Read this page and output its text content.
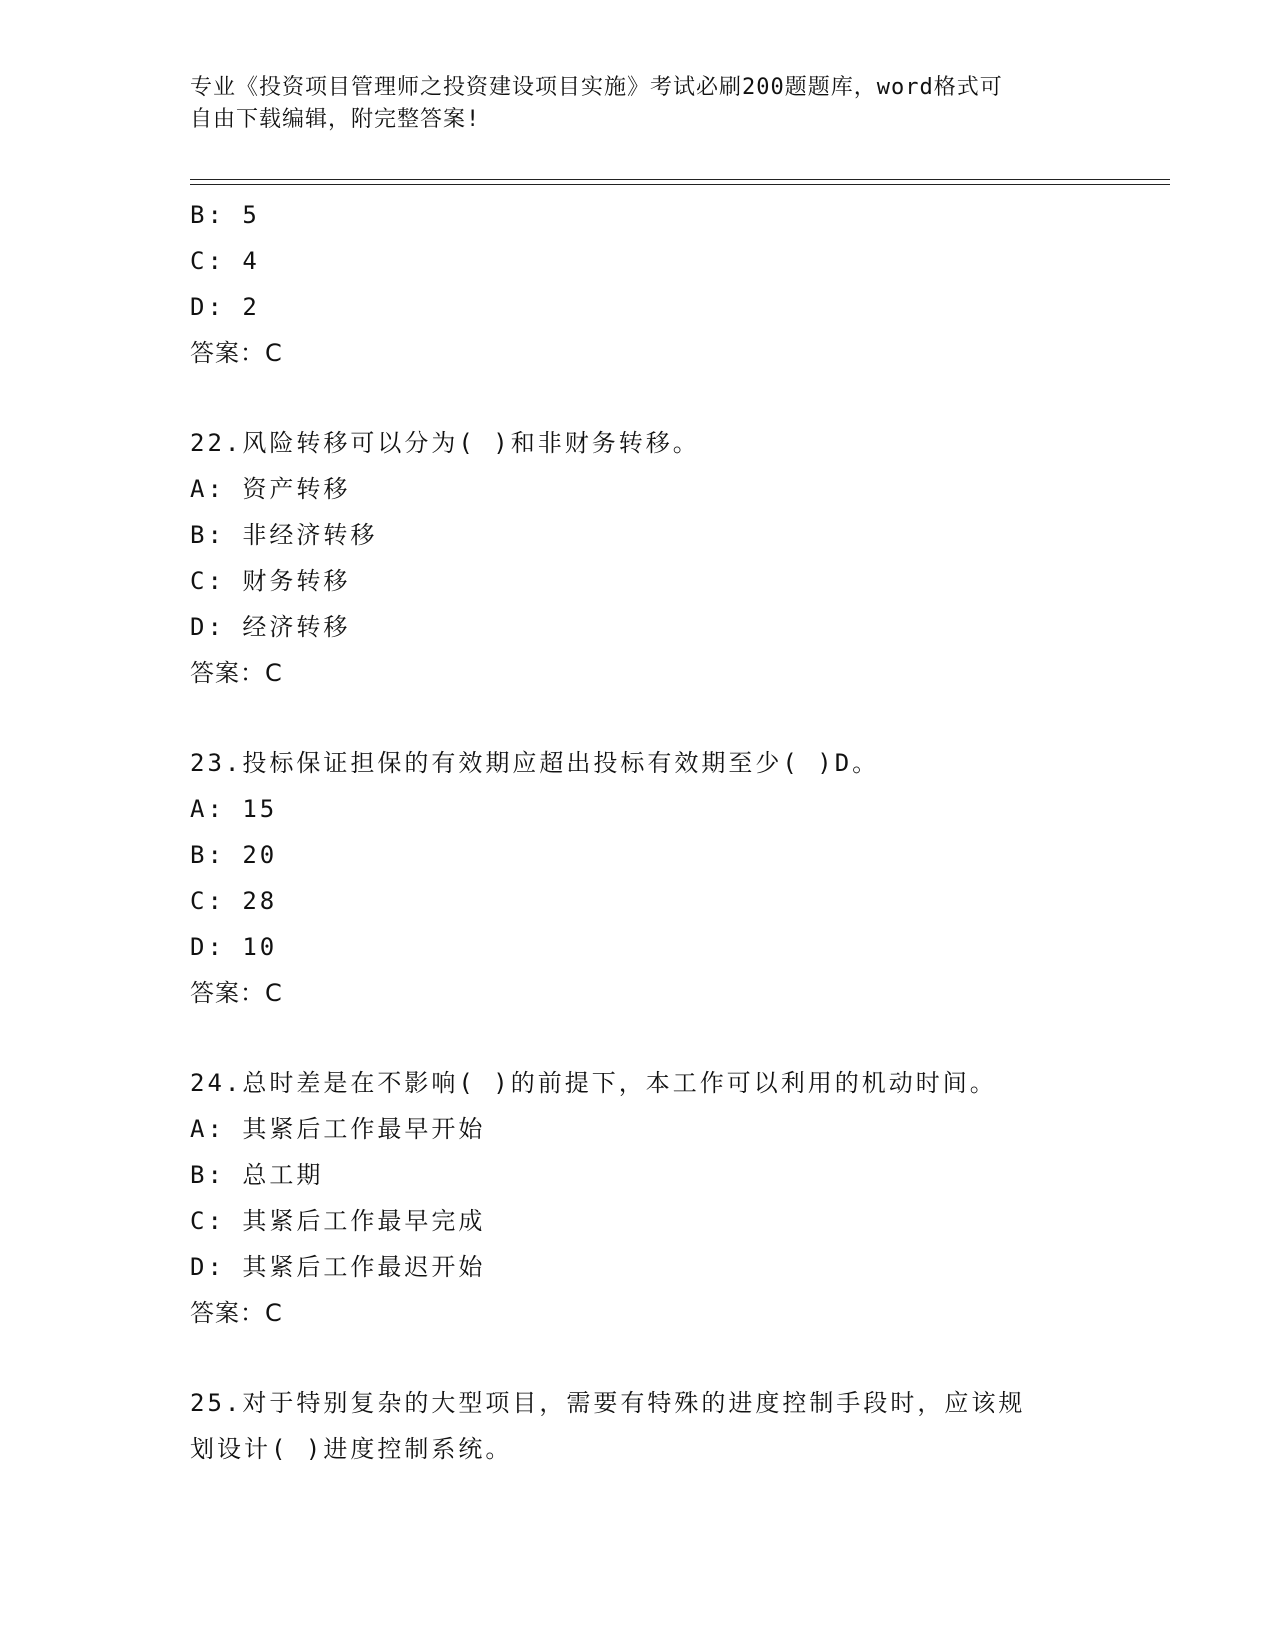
专业《投资项目管理师之投资建设项目实施》考试必刷200题题库，word格式可
自由下载编辑，附完整答案!
B: 5
C: 4
D: 2
答案：C
22.风险转移可以分为( )和非财务转移。
A: 资产转移
B: 非经济转移
C: 财务转移
D: 经济转移
答案：C
23.投标保证担保的有效期应超出投标有效期至少( )D。
A: 15
B: 20
C: 28
D: 10
答案：C
24.总时差是在不影响( )的前提下，本工作可以利用的机动时间。
A: 其紧后工作最早开始
B: 总工期
C: 其紧后工作最早完成
D: 其紧后工作最迟开始
答案：C
25.对于特别复杂的大型项目，需要有特殊的进度控制手段时，应该规
划设计( )进度控制系统。
